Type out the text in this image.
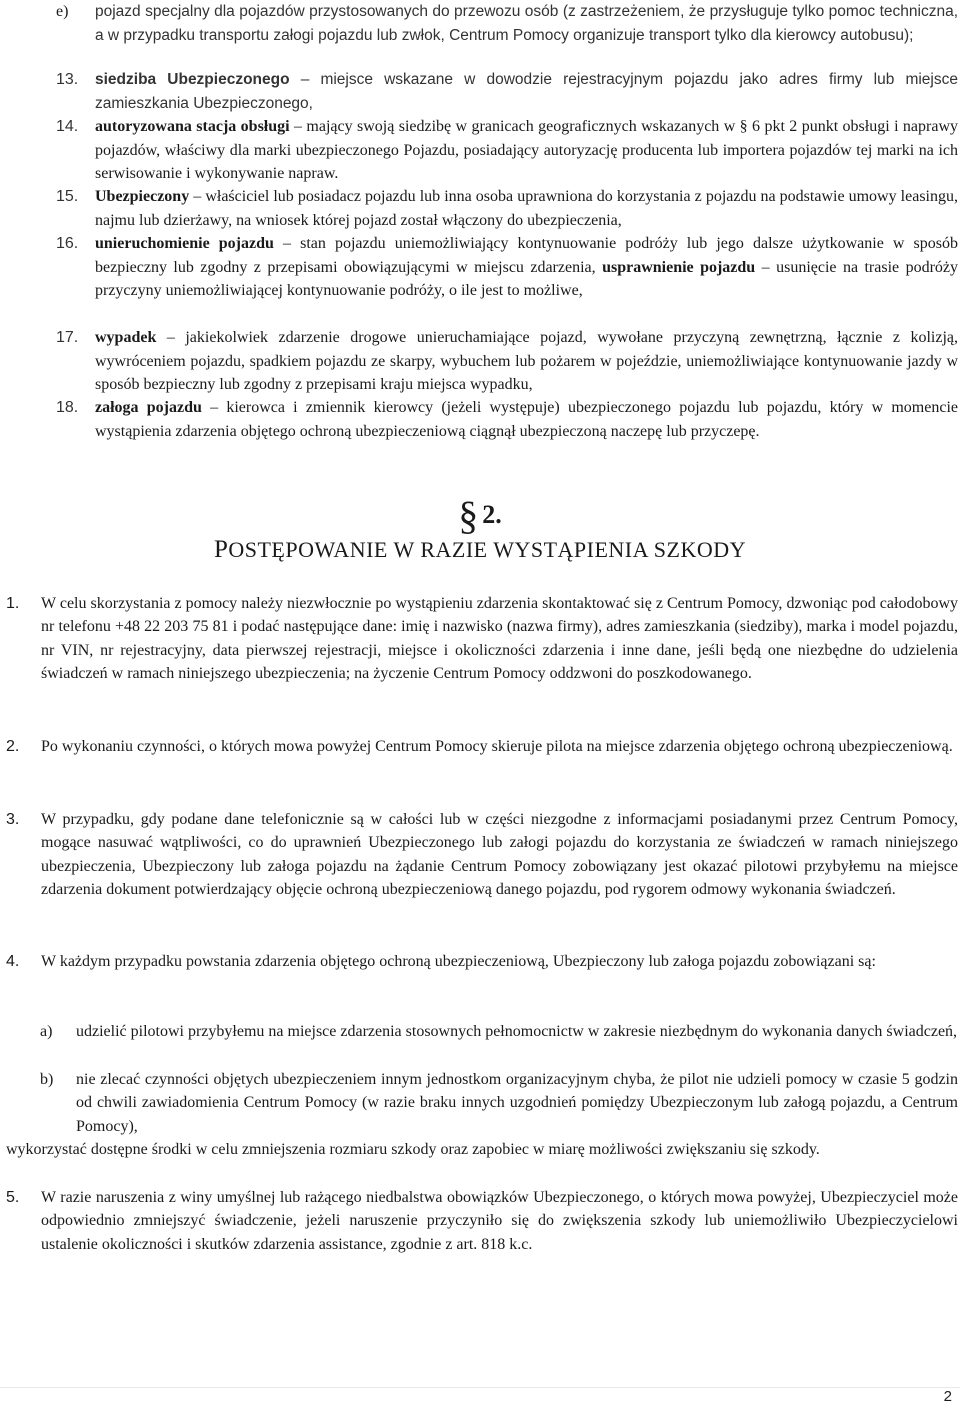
e)	pojazd specjalny dla pojazdów przystosowanych do przewozu osób (z zastrzeżeniem, że przysługuje tylko pomoc techniczna, a w przypadku transportu załogi pojazdu lub zwłok, Centrum Pomocy organizuje transport tylko dla kierowcy autobusu);
13.	siedziba Ubezpieczonego – miejsce wskazane w dowodzie rejestracyjnym pojazdu jako adres firmy lub miejsce zamieszkania Ubezpieczonego,
14.	autoryzowana stacja obsługi – mający swoją siedzibę w granicach geograficznych wskazanych w § 6 pkt 2 punkt obsługi i naprawy pojazdów, właściwy dla marki ubezpieczonego Pojazdu, posiadający autoryzację producenta lub importera pojazdów tej marki na ich serwisowanie i wykonywanie napraw.
15.	Ubezpieczony – właściciel lub posiadacz pojazdu lub inna osoba uprawniona do korzystania z pojazdu na podstawie umowy leasingu, najmu lub dzierżawy, na wniosek której pojazd został włączony do ubezpieczenia,
16.	unieruchomienie pojazdu – stan pojazdu uniemożliwiający kontynuowanie podróży lub jego dalsze użytkowanie w sposób bezpieczny lub zgodny z przepisami obowiązującymi w miejscu zdarzenia, usprawnienie pojazdu – usunięcie na trasie podróży przyczyny uniemożliwiającej kontynuowanie podróży, o ile jest to możliwe,
17.	wypadek – jakiekolwiek zdarzenie drogowe unieruchamiające pojazd, wywołane przyczyną zewnętrzną, łącznie z kolizją, wywróceniem pojazdu, spadkiem pojazdu ze skarpy, wybuchem lub pożarem w pojeździe, uniemożliwiające kontynuowanie jazdy w sposób bezpieczny lub zgodny z przepisami kraju miejsca wypadku,
18.	załoga pojazdu – kierowca i zmiennik kierowcy (jeżeli występuje) ubezpieczonego pojazdu lub pojazdu, który w momencie wystąpienia zdarzenia objętego ochroną ubezpieczeniową ciągnął ubezpieczoną naczepę lub przyczepę.
§ 2.
POSTĘPOWANIE W RAZIE WYSTĄPIENIA SZKODY
1.	W celu skorzystania z pomocy należy niezwłocznie po wystąpieniu zdarzenia skontaktować się z Centrum Pomocy, dzwoniąc pod całodobowy nr telefonu +48 22 203 75 81 i podać następujące dane: imię i nazwisko (nazwa firmy), adres zamieszkania (siedziby), marka i model pojazdu, nr VIN, nr rejestracyjny, data pierwszej rejestracji, miejsce i okoliczności zdarzenia i inne dane, jeśli będą one niezbędne do udzielenia świadczeń w ramach niniejszego ubezpieczenia; na życzenie Centrum Pomocy oddzwoni do poszkodowanego.
2.	Po wykonaniu czynności, o których mowa powyżej Centrum Pomocy skieruje pilota na miejsce zdarzenia objętego ochroną ubezpieczeniową.
3.	W przypadku, gdy podane dane telefonicznie są w całości lub w części niezgodne z informacjami posiadanymi przez Centrum Pomocy, mogące nasuwać wątpliwości, co do uprawnień Ubezpieczonego lub załogi pojazdu do korzystania ze świadczeń w ramach niniejszego ubezpieczenia, Ubezpieczony lub załoga pojazdu na żądanie Centrum Pomocy zobowiązany jest okazać pilotowi przybyłemu na miejsce zdarzenia dokument potwierdzający objęcie ochroną ubezpieczeniową danego pojazdu, pod rygorem odmowy wykonania świadczeń.
4.	W każdym przypadku powstania zdarzenia objętego ochroną ubezpieczeniową, Ubezpieczony lub załoga pojazdu zobowiązani są:
a)	udzielić pilotowi przybyłemu na miejsce zdarzenia stosownych pełnomocnictw w zakresie niezbędnym do wykonania danych świadczeń,
b)	nie zlecać czynności objętych ubezpieczeniem innym jednostkom organizacyjnym chyba, że pilot nie udzieli pomocy w czasie 5 godzin od chwili zawiadomienia Centrum Pomocy (w razie braku innych uzgodnień pomiędzy Ubezpieczonym lub załogą pojazdu, a Centrum Pomocy),
wykorzystać dostępne środki w celu zmniejszenia rozmiaru szkody oraz zapobiec w miarę możliwości zwiększaniu się szkody.
5.	W razie naruszenia z winy umyślnej lub rażącego niedbalstwa obowiązków Ubezpieczonego, o których mowa powyżej, Ubezpieczyciel może odpowiednio zmniejszyć świadczenie, jeżeli naruszenie przyczyniło się do zwiększenia szkody lub uniemożliwiło Ubezpieczycielowi ustalenie okoliczności i skutków zdarzenia assistance, zgodnie z art. 818 k.c.
2
